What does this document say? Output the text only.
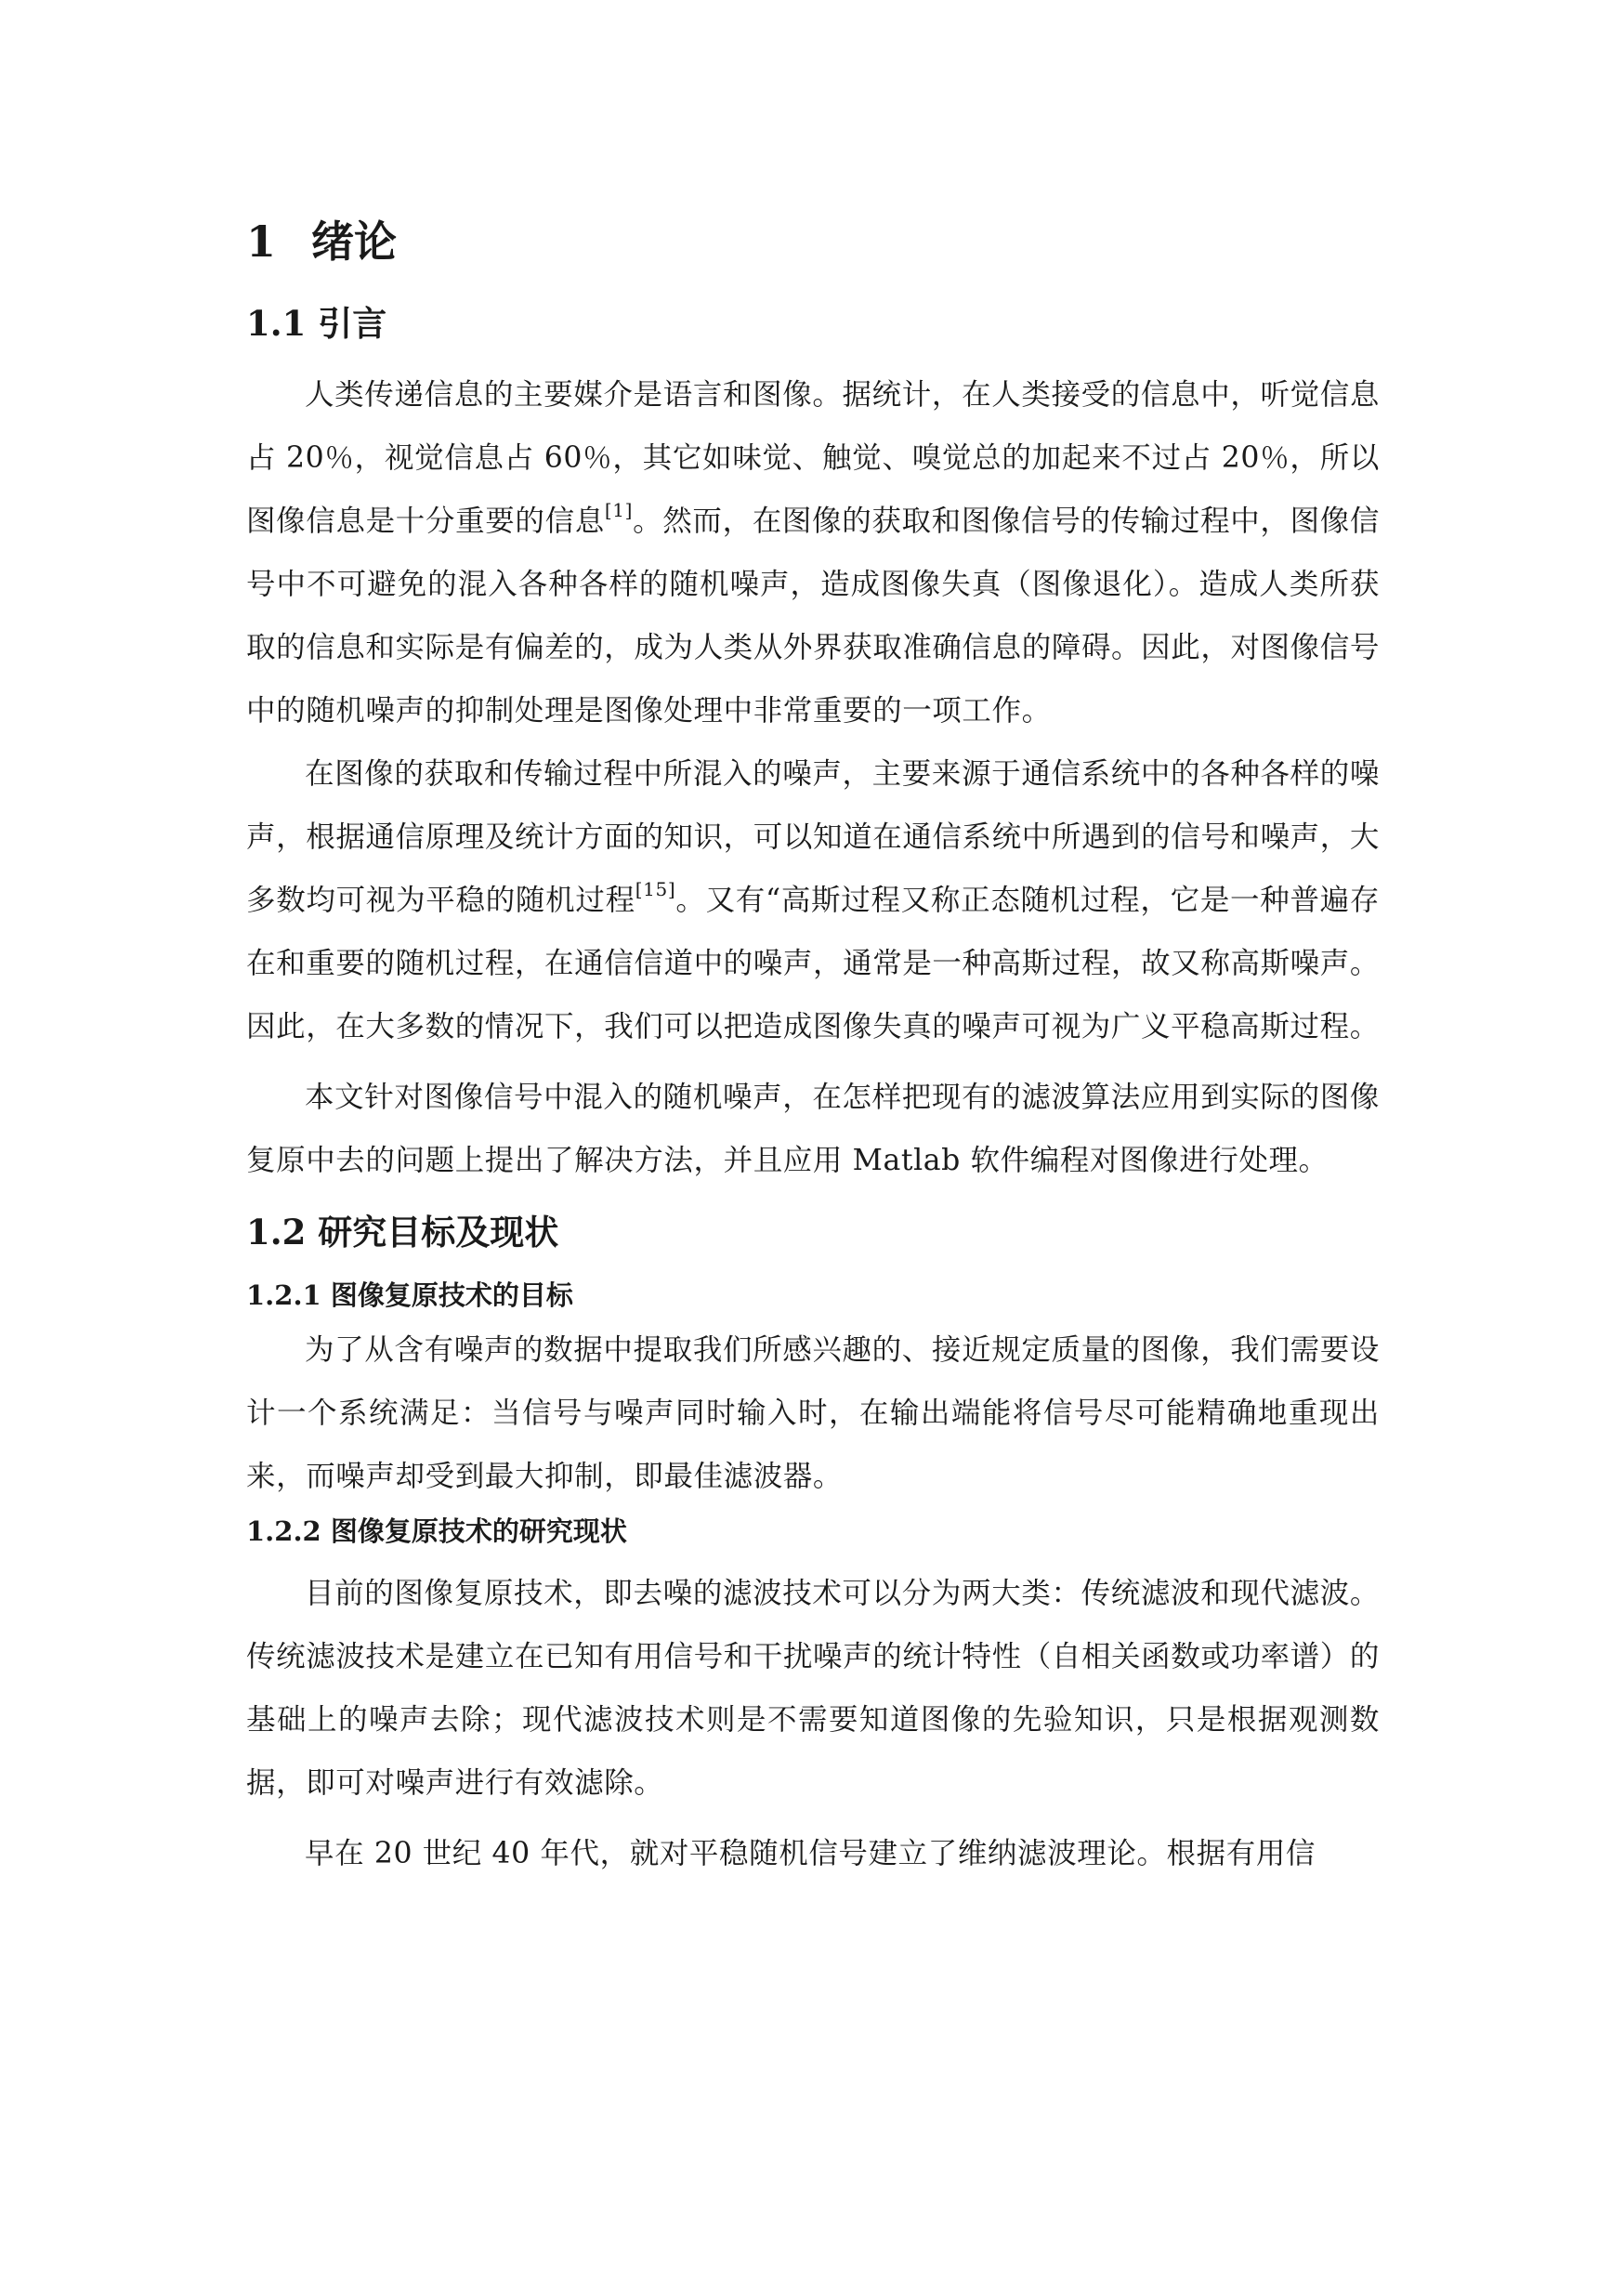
1 绪论
1.1 引言

人类传递信息的主要媒介是语言和图像。据统计，在人类接受的信息中，听觉信息占 20％，视觉信息占 60％，其它如味觉、触觉、嗅觉总的加起来不过占 20％，所以图像信息是十分重要的信息[1]。然而，在图像的获取和图像信号的传输过程中，图像信号中不可避免的混入各种各样的随机噪声，造成图像失真（图像退化）。造成人类所获取的信息和实际是有偏差的，成为人类从外界获取准确信息的障碍。因此，对图像信号中的随机噪声的抑制处理是图像处理中非常重要的一项工作。

在图像的获取和传输过程中所混入的噪声，主要来源于通信系统中的各种各样的噪声，根据通信原理及统计方面的知识，可以知道在通信系统中所遇到的信号和噪声，大多数均可视为平稳的随机过程[15]。又有“高斯过程又称正态随机过程，它是一种普遍存在和重要的随机过程，在通信信道中的噪声，通常是一种高斯过程，故又称高斯噪声。因此，在大多数的情况下，我们可以把造成图像失真的噪声可视为广义平稳高斯过程。

本文针对图像信号中混入的随机噪声，在怎样把现有的滤波算法应用到实际的图像复原中去的问题上提出了解决方法，并且应用 Matlab 软件编程对图像进行处理。

1.2 研究目标及现状
1.2.1 图像复原技术的目标

为了从含有噪声的数据中提取我们所感兴趣的、接近规定质量的图像，我们需要设计一个系统满足：当信号与噪声同时输入时，在输出端能将信号尽可能精确地重现出来，而噪声却受到最大抑制，即最佳滤波器。

1.2.2 图像复原技术的研究现状

目前的图像复原技术，即去噪的滤波技术可以分为两大类：传统滤波和现代滤波。传统滤波技术是建立在已知有用信号和干扰噪声的统计特性（自相关函数或功率谱）的基础上的噪声去除；现代滤波技术则是不需要知道图像的先验知识，只是根据观测数据，即可对噪声进行有效滤除。

早在 20 世纪 40 年代，就对平稳随机信号建立了维纳滤波理论。根据有用信
